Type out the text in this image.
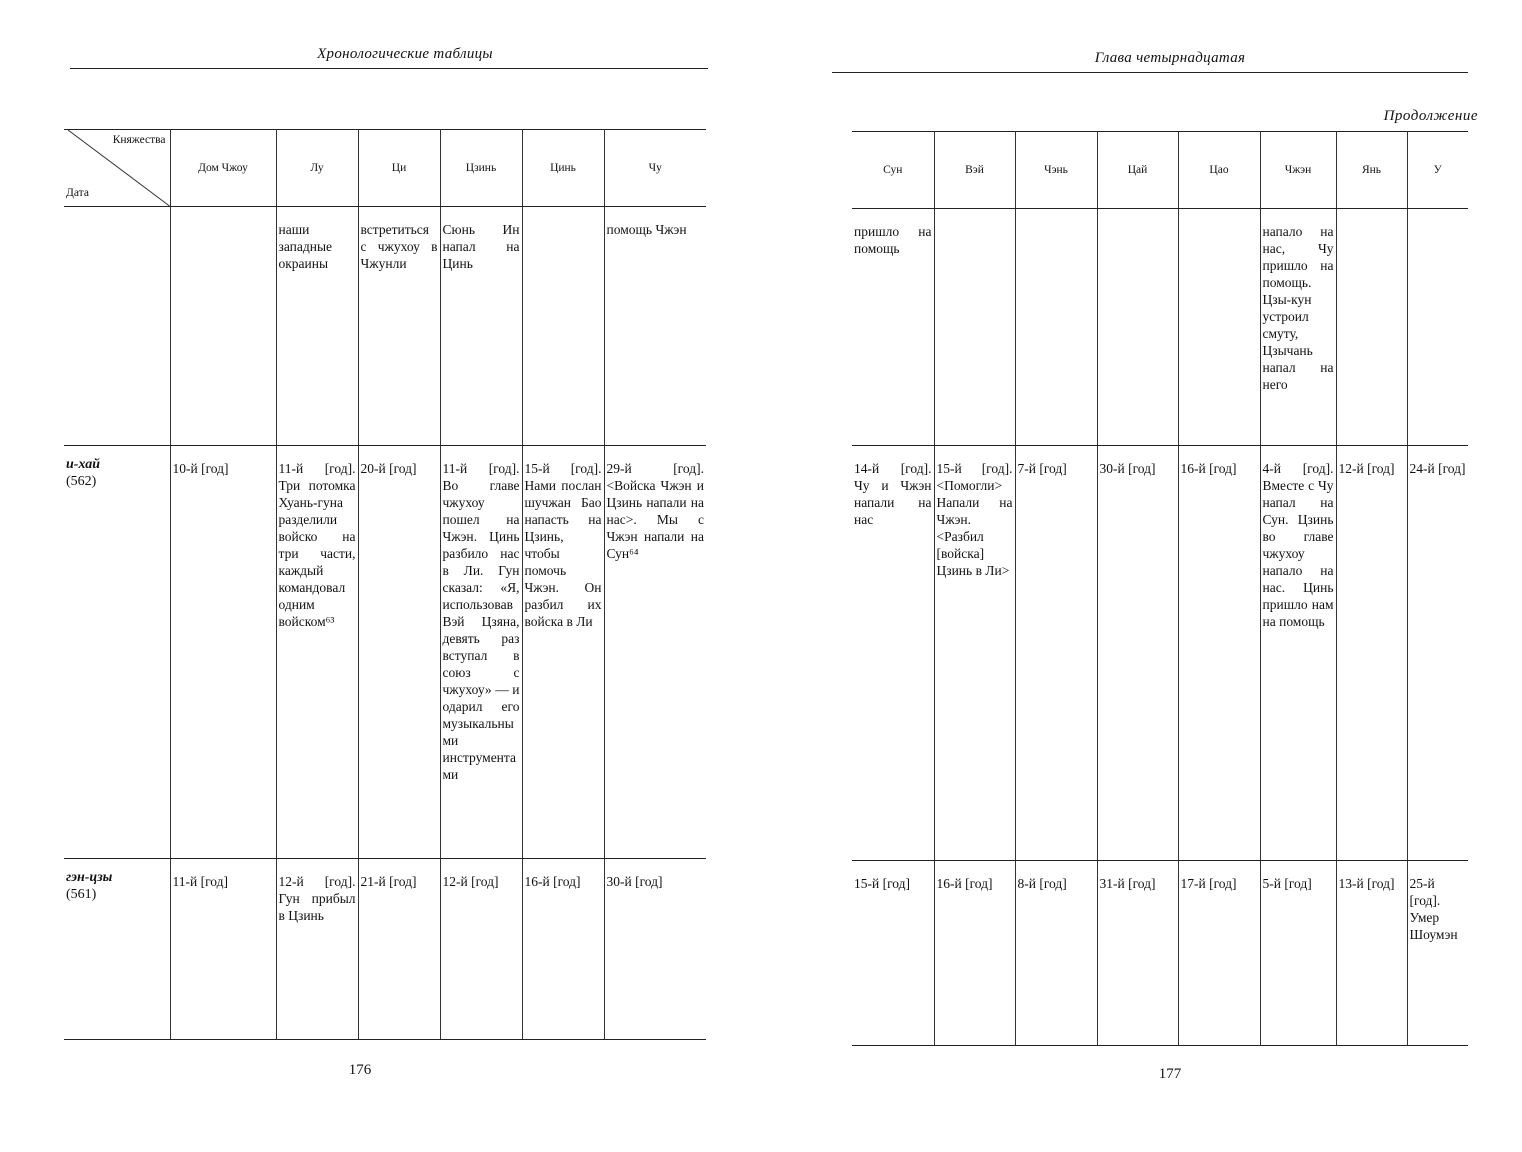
Хронологические таблицы
Княжества
Дата	Дом Чжоу	Лу	Ци	Цзинь	Цинь	Чу

		наши западные окраины	встретиться с чжухоу в Чжунли	Сюнь Ин напал на Цинь		помощь Чжэн

и-хай
(562)	10-й [год]	11-й [год]. Три потомка Хуань-гуна разделили войско на три части, каждый командовал одним войском⁶³	20-й [год]	11-й [год]. Во главе чжухоу пошел на Чжэн. Цинь разбило нас в Ли. Гун сказал: «Я, использовав Вэй Цзяна, девять раз вступал в союз с чжухоу» — и одарил его музыкальными инструментами	15-й [год]. Нами послан шучжан Бао напасть на Цзинь, чтобы помочь Чжэн. Он разбил их войска в Ли	29-й [год]. <Войска Чжэн и Цзинь напали на нас>. Мы с Чжэн напали на Сун⁶⁴

гэн-цзы
(561)	11-й [год]	12-й [год]. Гун прибыл в Цзинь	21-й [год]	12-й [год]	16-й [год]	30-й [год]
176
Глава четырнадцатая
Продолжение
Сун	Вэй	Чэнь	Цай	Цао	Чжэн	Янь	У
пришло на помощь					напало на нас, Чу пришло на помощь. Цзы-кун устроил смуту, Цзычань напал на него		
14-й [год]. Чу и Чжэн напали на нас	15-й [год]. <Помогли> Напали на Чжэн. <Разбил [войска] Цзинь в Ли>	7-й [год]	30-й [год]	16-й [год]	4-й [год]. Вместе с Чу напал на Сун. Цзинь во главе чжухоу напало на нас. Цинь пришло нам на помощь	12-й [год]	24-й [год]
15-й [год]	16-й [год]	8-й [год]	31-й [год]	17-й [год]	5-й [год]	13-й [год]	25-й [год]. Умер Шоумэн
177
